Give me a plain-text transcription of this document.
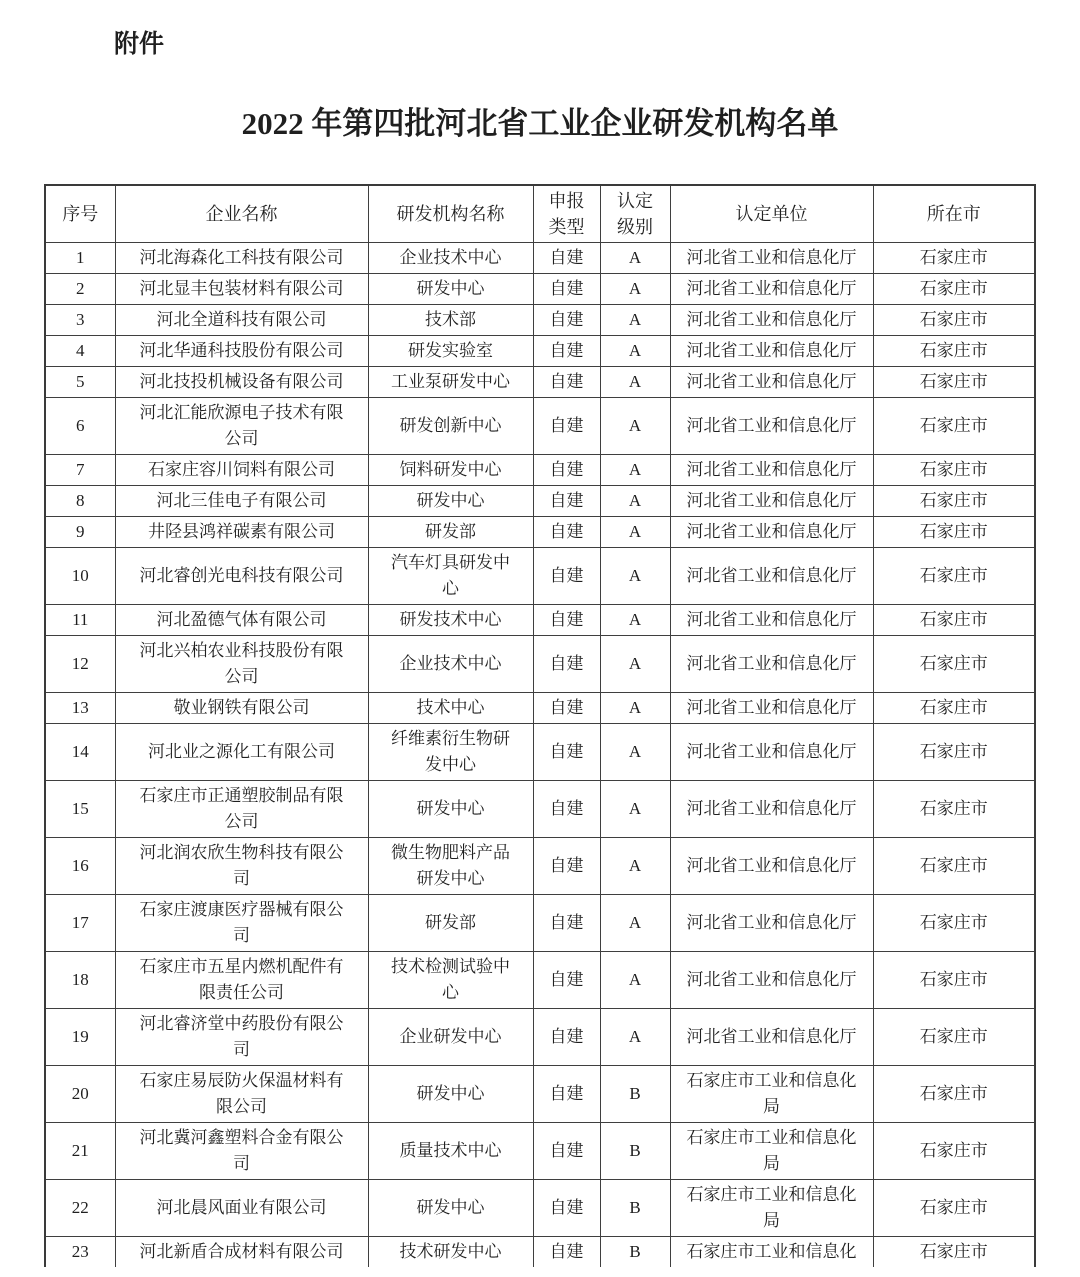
附件
2022 年第四批河北省工业企业研发机构名单
序号	企业名称	研发机构名称	申报类型	认定级别	认定单位	所在市
1	河北海森化工科技有限公司	企业技术中心	自建	A	河北省工业和信息化厅	石家庄市
2	河北显丰包装材料有限公司	研发中心	自建	A	河北省工业和信息化厅	石家庄市
3	河北全道科技有限公司	技术部	自建	A	河北省工业和信息化厅	石家庄市
4	河北华通科技股份有限公司	研发实验室	自建	A	河北省工业和信息化厅	石家庄市
5	河北技投机械设备有限公司	工业泵研发中心	自建	A	河北省工业和信息化厅	石家庄市
6	河北汇能欣源电子技术有限公司	研发创新中心	自建	A	河北省工业和信息化厅	石家庄市
7	石家庄容川饲料有限公司	饲料研发中心	自建	A	河北省工业和信息化厅	石家庄市
8	河北三佳电子有限公司	研发中心	自建	A	河北省工业和信息化厅	石家庄市
9	井陉县鸿祥碳素有限公司	研发部	自建	A	河北省工业和信息化厅	石家庄市
10	河北睿创光电科技有限公司	汽车灯具研发中心	自建	A	河北省工业和信息化厅	石家庄市
11	河北盈德气体有限公司	研发技术中心	自建	A	河北省工业和信息化厅	石家庄市
12	河北兴柏农业科技股份有限公司	企业技术中心	自建	A	河北省工业和信息化厅	石家庄市
13	敬业钢铁有限公司	技术中心	自建	A	河北省工业和信息化厅	石家庄市
14	河北业之源化工有限公司	纤维素衍生物研发中心	自建	A	河北省工业和信息化厅	石家庄市
15	石家庄市正通塑胶制品有限公司	研发中心	自建	A	河北省工业和信息化厅	石家庄市
16	河北润农欣生物科技有限公司	微生物肥料产品研发中心	自建	A	河北省工业和信息化厅	石家庄市
17	石家庄渡康医疗器械有限公司	研发部	自建	A	河北省工业和信息化厅	石家庄市
18	石家庄市五星内燃机配件有限责任公司	技术检测试验中心	自建	A	河北省工业和信息化厅	石家庄市
19	河北睿济堂中药股份有限公司	企业研发中心	自建	A	河北省工业和信息化厅	石家庄市
20	石家庄易辰防火保温材料有限公司	研发中心	自建	B	石家庄市工业和信息化局	石家庄市
21	河北冀河鑫塑料合金有限公司	质量技术中心	自建	B	石家庄市工业和信息化局	石家庄市
22	河北晨风面业有限公司	研发中心	自建	B	石家庄市工业和信息化局	石家庄市
23	河北新盾合成材料有限公司	技术研发中心	自建	B	石家庄市工业和信息化	石家庄市
